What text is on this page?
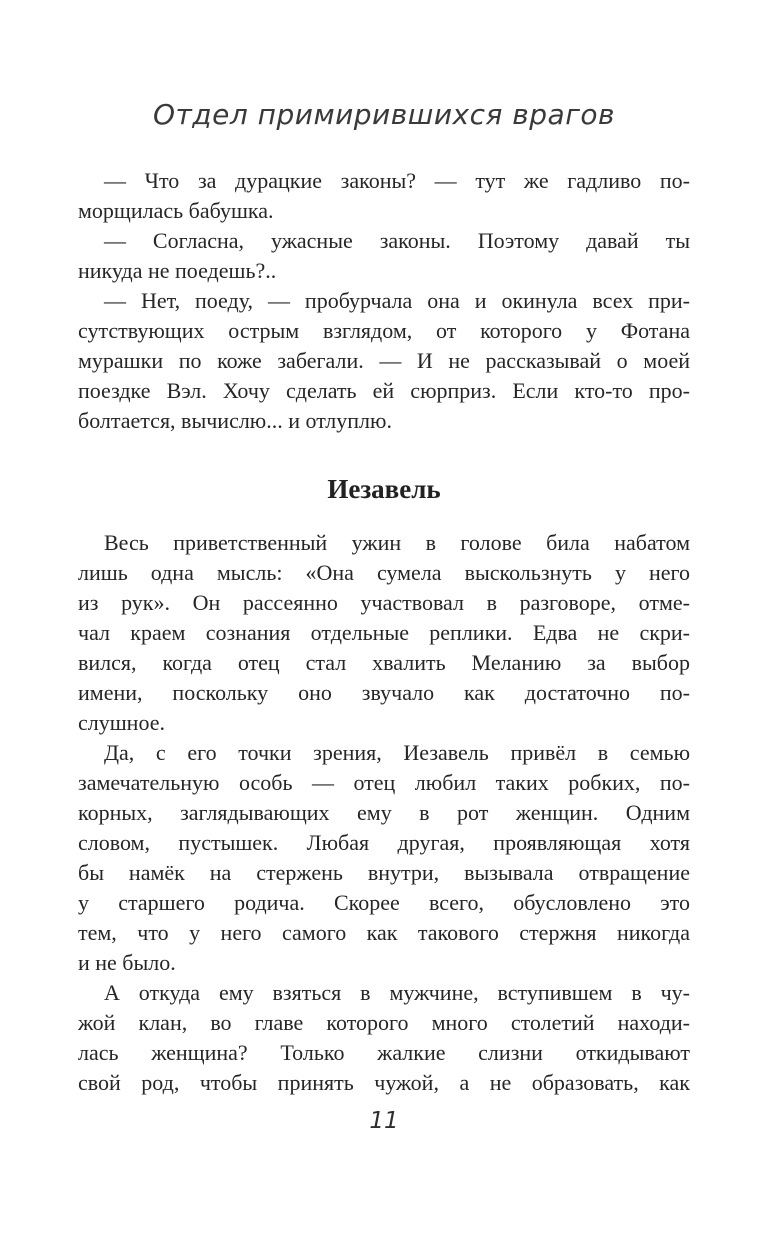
Отдел примирившихся врагов
— Что за дурацкие законы? — тут же гадливо по-
морщилась бабушка.
— Согласна, ужасные законы. Поэтому давай ты
никуда не поедешь?..
— Нет, поеду, — пробурчала она и окинула всех при-
сутствующих острым взглядом, от которого у Фотана
мурашки по коже забегали. — И не рассказывай о моей
поездке Вэл. Хочу сделать ей сюрприз. Если кто-то про-
болтается, вычислю... и отлуплю.
Иезавель
Весь приветственный ужин в голове била набатом
лишь одна мысль: «Она сумела выскользнуть у него
из рук». Он рассеянно участвовал в разговоре, отме-
чал краем сознания отдельные реплики. Едва не скри-
вился, когда отец стал хвалить Меланию за выбор
имени, поскольку оно звучало как достаточно по-
слушное.
Да, с его точки зрения, Иезавель привёл в семью
замечательную особь — отец любил таких робких, по-
корных, заглядывающих ему в рот женщин. Одним
словом, пустышек. Любая другая, проявляющая хотя
бы намёк на стержень внутри, вызывала отвращение
у старшего родича. Скорее всего, обусловлено это
тем, что у него самого как такового стержня никогда
и не было.
А откуда ему взяться в мужчине, вступившем в чу-
жой клан, во главе которого много столетий находи-
лась женщина? Только жалкие слизни откидывают
свой род, чтобы принять чужой, а не образовать, как
11
